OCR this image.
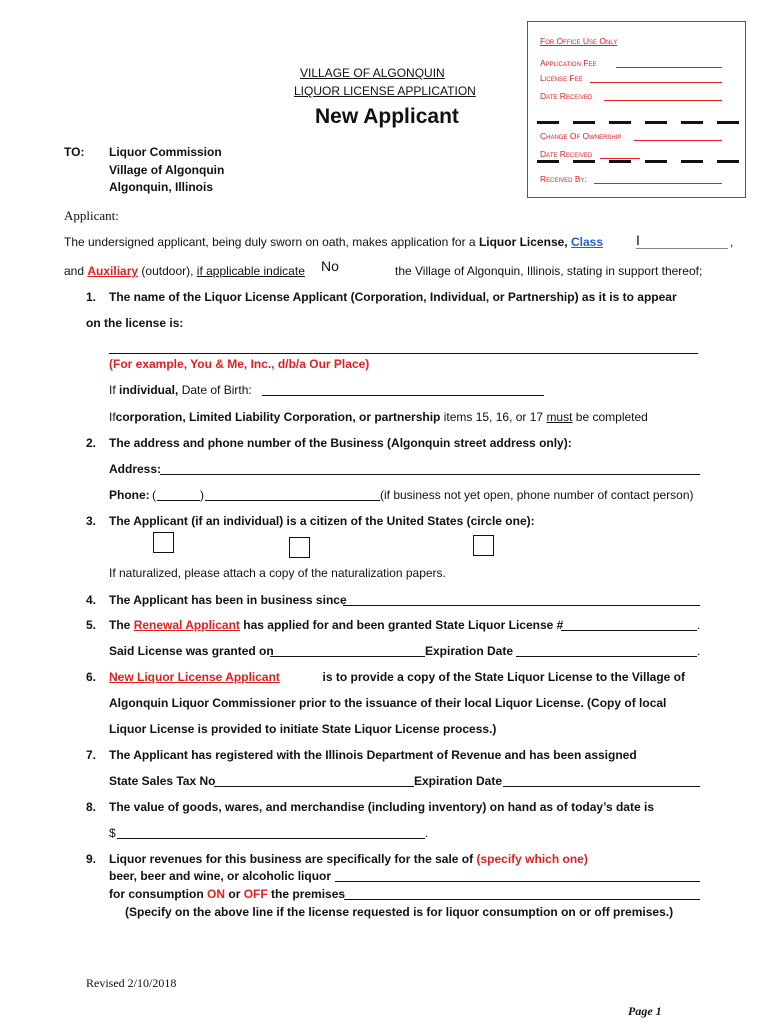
For Office Use Only
Application Fee
License Fee
Date Received
Change Of Ownership
Date Received
Received By:
VILLAGE OF ALGONQUIN
LIQUOR LICENSE APPLICATION
New Applicant
TO: Liquor Commission
Village of Algonquin
Algonquin, Illinois
Applicant:
The undersigned applicant, being duly sworn on oath, makes application for a Liquor License, Class I	,
and Auxiliary (outdoor), if applicable indicate No	the Village of Algonquin, Illinois, stating in support thereof;
1. The name of the Liquor License Applicant (Corporation, Individual, or Partnership) as it is to appear
on the license is:
(For example, You & Me, Inc., d/b/a Our Place)
If individual, Date of Birth:
Ifcorporation, Limited Liability Corporation, or partnership items 15, 16, or 17 must be completed
2. The address and phone number of the Business (Algonquin street address only):
Address:
Phone: (	)	(if business not yet open, phone number of contact person)
3. The Applicant (if an individual) is a citizen of the United States (circle one):
If naturalized, please attach a copy of the naturalization papers.
4. The Applicant has been in business since
5. The Renewal Applicant has applied for and been granted State Liquor License #	.
Said License was granted on	Expiration Date	.
6. New Liquor License Applicant	is to provide a copy of the State Liquor License to the Village of
Algonquin Liquor Commissioner prior to the issuance of their local Liquor License. (Copy of local
Liquor License is provided to initiate State Liquor License process.)
7. The Applicant has registered with the Illinois Department of Revenue and has been assigned
State Sales Tax No	Expiration Date
8. The value of goods, wares, and merchandise (including inventory) on hand as of today’s date is
$	.
9. Liquor revenues for this business are specifically for the sale of (specify which one)
beer, beer and wine, or alcoholic liquor
for consumption ON or OFF the premises
(Specify on the above line if the license requested is for liquor consumption on or off premises.)
Revised 2/10/2018
Page 1
